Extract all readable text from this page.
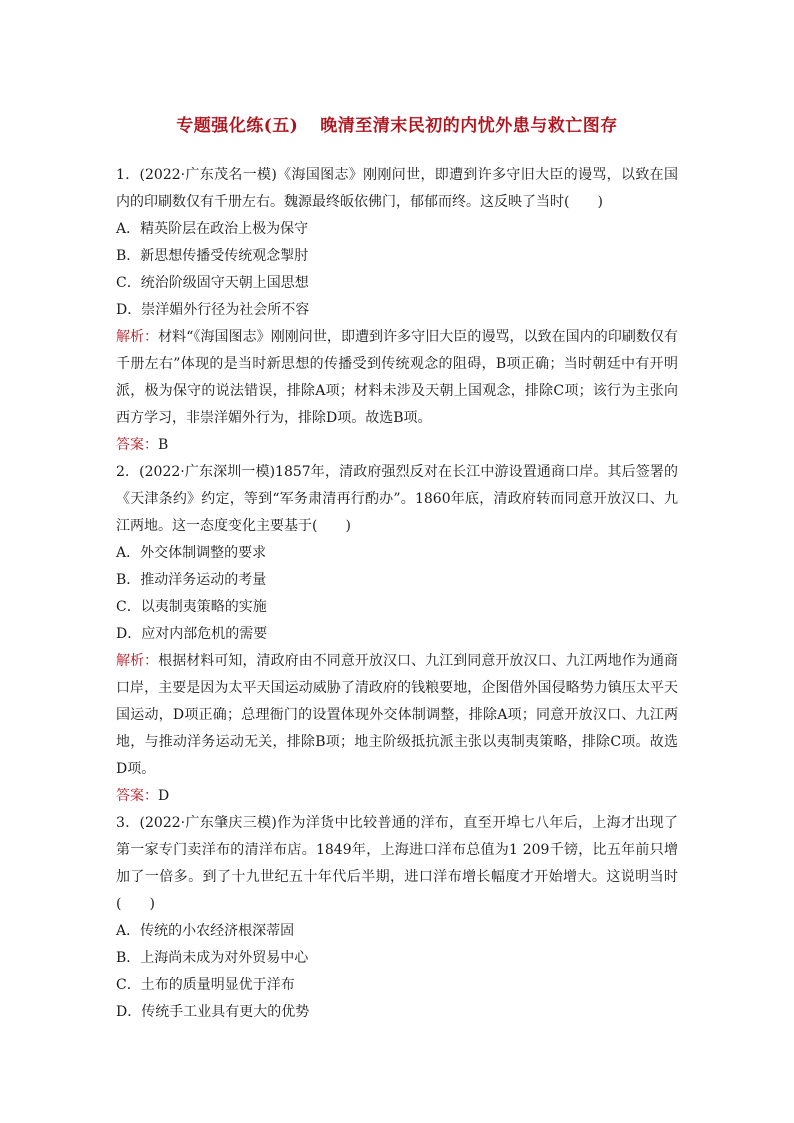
专题强化练(五) 晚清至清末民初的内忧外患与救亡图存

1．(2022·广东茂名一模)《海国图志》刚刚问世，即遭到许多守旧大臣的谩骂，以致在国内的印刷数仅有千册左右。魏源最终皈依佛门，郁郁而终。这反映了当时(　　)

A．精英阶层在政治上极为保守

B．新思想传播受传统观念掣肘

C．统治阶级固守天朝上国思想

D．崇洋媚外行径为社会所不容

解析：材料“《海国图志》刚刚问世，即遭到许多守旧大臣的谩骂，以致在国内的印刷数仅有千册左右”体现的是当时新思想的传播受到传统观念的阻碍，B项正确；当时朝廷中有开明派，极为保守的说法错误，排除A项；材料未涉及天朝上国观念，排除C项；该行为主张向西方学习，非崇洋媚外行为，排除D项。故选B项。

答案：B

2．(2022·广东深圳一模)1857年，清政府强烈反对在长江中游设置通商口岸。其后签署的《天津条约》约定，等到“军务肃清再行酌办”。1860年底，清政府转而同意开放汉口、九江两地。这一态度变化主要基于(　　)

A．外交体制调整的要求

B．推动洋务运动的考量

C．以夷制夷策略的实施

D．应对内部危机的需要

解析：根据材料可知，清政府由不同意开放汉口、九江到同意开放汉口、九江两地作为通商口岸，主要是因为太平天国运动威胁了清政府的钱粮要地，企图借外国侵略势力镇压太平天国运动，D项正确；总理衙门的设置体现外交体制调整，排除A项；同意开放汉口、九江两地，与推动洋务运动无关，排除B项；地主阶级抵抗派主张以夷制夷策略，排除C项。故选D项。

答案：D

3．(2022·广东肇庆三模)作为洋货中比较普通的洋布，直至开埠七八年后，上海才出现了第一家专门卖洋布的清洋布店。1849年，上海进口洋布总值为1 209千镑，比五年前只增加了一倍多。到了十九世纪五十年代后半期，进口洋布增长幅度才开始增大。这说明当时(　　)

A．传统的小农经济根深蒂固

B．上海尚未成为对外贸易中心

C．土布的质量明显优于洋布

D．传统手工业具有更大的优势
